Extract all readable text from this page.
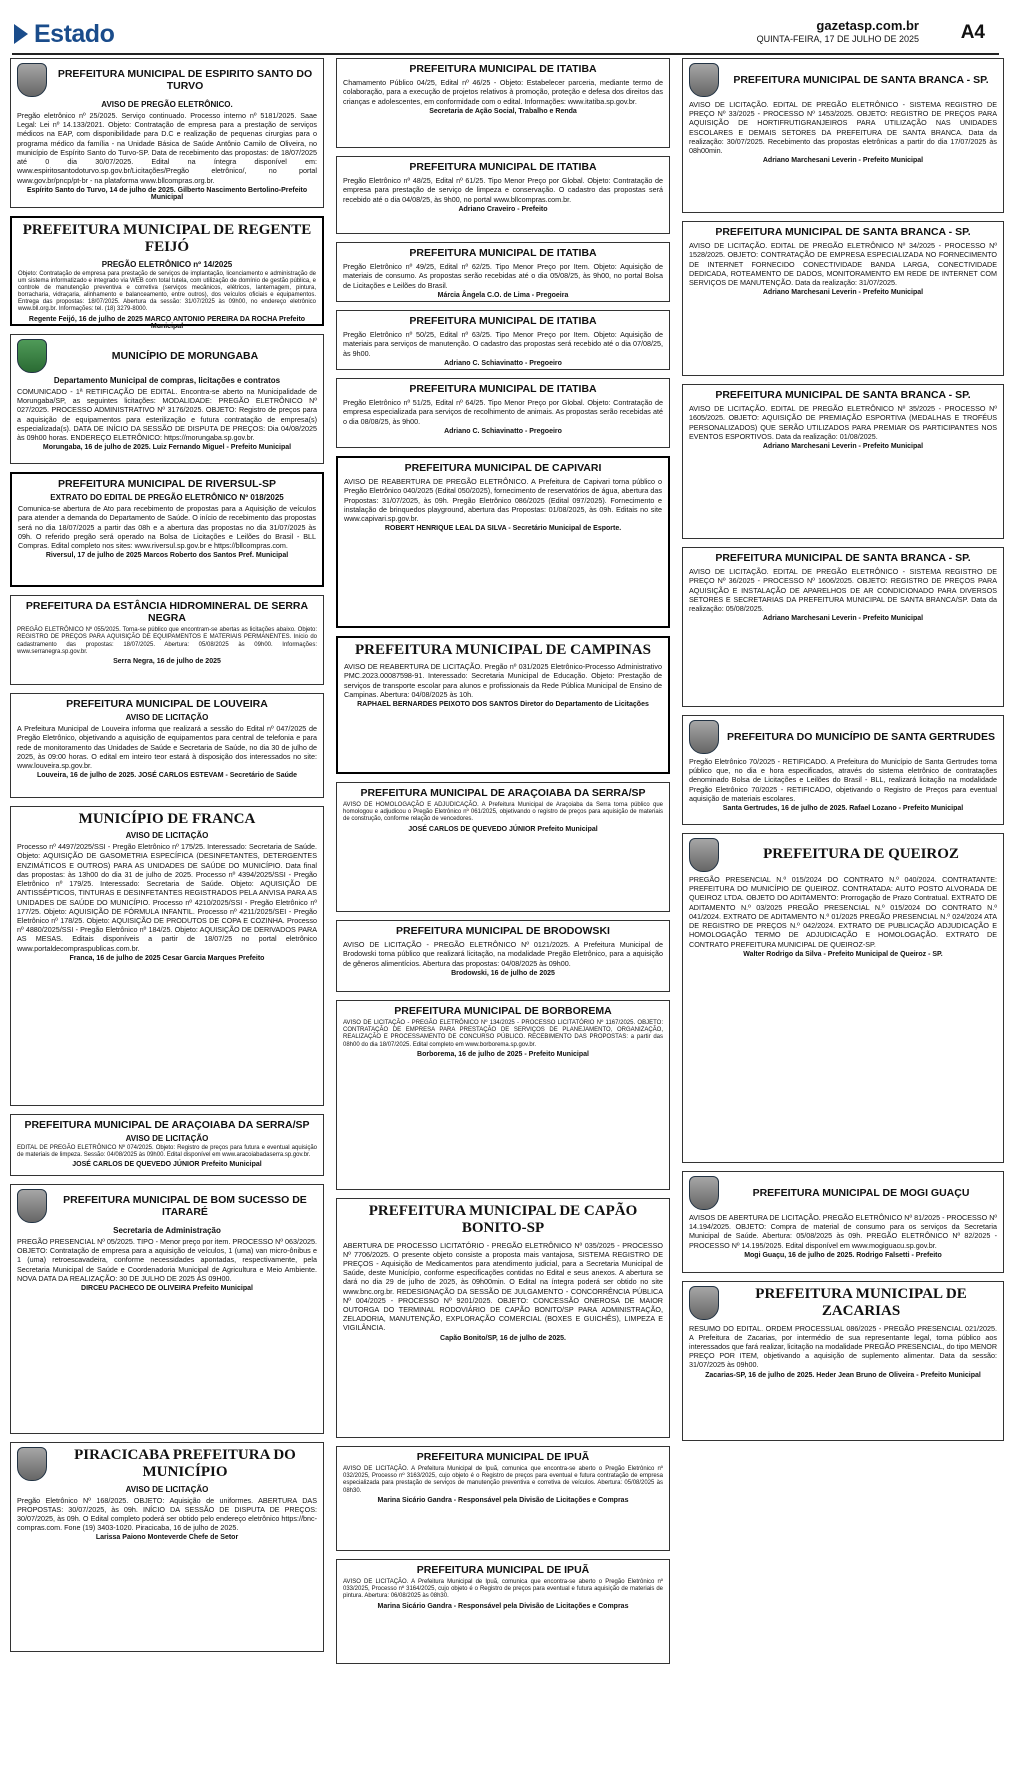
Estado	gazetasp.com.br
QUINTA-FEIRA, 17 DE JULHO DE 2025 A4
PREFEITURA MUNICIPAL DE ESPIRITO SANTO DO TURVO
AVISO DE PREGÃO ELETRÔNICO.
Pregão eletrônico nº 25/2025. Serviço continuado. Processo interno nº 5181/2025. Saae Legal: Lei nº 14.133/2021. Objeto: Contratação de empresa para a prestação de serviços médicos na EAP, com disponibilidade para D.C e realização de pequenas cirurgias para o programa médico da família - na Unidade Básica de Saúde Antônio Camilo de Oliveira, no município de Espírito Santo do Turvo-SP. Data de recebimento das propostas: de 18/07/2025 até 0 dia 30/07/2025. Edital na íntegra disponível em: www.espiritosantodoturvo.sp.gov.br/Licitações/Pregão eletrônico/, no portal www.gov.br/pncp/pt-br - na plataforma www.bllcompras.org.br.
Espírito Santo do Turvo, 14 de julho de 2025. Gilberto Nascimento Bertolino-Prefeito Municipal
PREFEITURA MUNICIPAL DE REGENTE FEIJÓ
PREGÃO ELETRÔNICO nº 14/2025
Objeto: Contratação de empresa para prestação de serviços de implantação, licenciamento e administração de um sistema informatizado e integrado via WEB com total tutela, com utilização de domínio de gestão pública, e controle de manutenção preventiva e corretiva (serviços mecânicos, elétricos, lanternagem, pintura, borracharia, vidraçaria, alinhamento e balanceamento, entre outros), dos veículos oficiais e equipamentos. Entrega das propostas: 18/07/2025. Abertura da sessão: 31/07/2025 às 09h00, no endereço eletrônico www.bll.org.br. Informações: tel. (18) 3279-8000.
Regente Feijó, 16 de julho de 2025 MARCO ANTONIO PEREIRA DA ROCHA Prefeito Municipal
MUNICÍPIO DE MORUNGABA
Departamento Municipal de compras, licitações e contratos
COMUNICADO - 1ª RETIFICAÇÃO DE EDITAL. Encontra-se aberto na Municipalidade de Morungaba/SP, as seguintes licitações: MODALIDADE: PREGÃO ELETRÔNICO Nº 027/2025. PROCESSO ADMINISTRATIVO Nº 3176/2025. OBJETO: Registro de preços para a aquisição de equipamentos para esterilização e futura contratação de empresa(s) especializada(s). DATA DE INÍCIO DA SESSÃO DE DISPUTA DE PREÇOS: Dia 04/08/2025 às 09h00 horas. ENDEREÇO ELETRÔNICO: https://morungaba.sp.gov.br.
Morungaba, 16 de julho de 2025. Luiz Fernando Miguel - Prefeito Municipal
PREFEITURA MUNICIPAL DE RIVERSUL-SP
EXTRATO DO EDITAL DE PREGÃO ELETRÔNICO Nº 018/2025
Comunica-se abertura de Ato para recebimento de propostas para a Aquisição de veículos para atender a demanda do Departamento de Saúde. O início de recebimento das propostas será no dia 18/07/2025 a partir das 08h e a abertura das propostas no dia 31/07/2025 às 09h. O referido pregão será operado na Bolsa de Licitações e Leilões do Brasil - BLL Compras. Edital completo nos sites: www.riversul.sp.gov.br e https://bllcompras.com.
Riversul, 17 de julho de 2025 Marcos Roberto dos Santos Pref. Municipal
PREFEITURA DA ESTÂNCIA HIDROMINERAL DE SERRA NEGRA
PREGÃO ELETRÔNICO Nº 055/2025. Torna-se público que encontram-se abertas as licitações abaixo. Objeto: REGISTRO DE PREÇOS PARA AQUISIÇÃO DE EQUIPAMENTOS E MATERIAIS PERMANENTES. Início do cadastramento das propostas: 18/07/2025. Abertura: 05/08/2025 às 09h00. Informações: www.serranegra.sp.gov.br.
Serra Negra, 16 de julho de 2025
PREFEITURA MUNICIPAL DE LOUVEIRA
AVISO DE LICITAÇÃO
A Prefeitura Municipal de Louveira informa que realizará a sessão do Edital nº 047/2025 de Pregão Eletrônico, objetivando a aquisição de equipamentos para central de telefonia e para rede de monitoramento das Unidades de Saúde e Secretaria de Saúde, no dia 30 de julho de 2025, às 09:00 horas. O edital em inteiro teor estará à disposição dos interessados no site: www.louveira.sp.gov.br.
Louveira, 16 de julho de 2025. JOSÉ CARLOS ESTEVAM - Secretário de Saúde
MUNICÍPIO DE FRANCA
AVISO DE LICITAÇÃO
Processo nº 4497/2025/SSI - Pregão Eletrônico nº 175/25. Interessado: Secretaria de Saúde. Objeto: AQUISIÇÃO DE GASOMETRIA ESPECÍFICA (DESINFETANTES, DETERGENTES ENZIMÁTICOS E OUTROS) PARA AS UNIDADES DE SAÚDE DO MUNICÍPIO. Data final das propostas: às 13h00 do dia 31 de julho de 2025. Processo nº 4394/2025/SSI - Pregão Eletrônico nº 179/25. Interessado: Secretaria de Saúde. Objeto: AQUISIÇÃO DE ANTISSÉPTICOS, TINTURAS E DESINFETANTES REGISTRADOS PELA ANVISA PARA AS UNIDADES DE SAÚDE DO MUNICÍPIO. Processo nº 4210/2025/SSI - Pregão Eletrônico nº 177/25. Objeto: AQUISIÇÃO DE FÓRMULA INFANTIL. Processo nº 4211/2025/SEI - Pregão Eletrônico nº 178/25. Objeto: AQUISIÇÃO DE PRODUTOS DE COPA E COZINHA. Processo nº 4880/2025/SSI - Pregão Eletrônico nº 184/25. Objeto: AQUISIÇÃO DE DERIVADOS PARA AS MESAS. Editais disponíveis a partir de 18/07/25 no portal eletrônico www.portaldecompraspublicas.com.br.
Franca, 16 de julho de 2025 Cesar Garcia Marques Prefeito
PREFEITURA MUNICIPAL DE ARAÇOIABA DA SERRA/SP
AVISO DE LICITAÇÃO
EDITAL DE PREGÃO ELETRÔNICO Nº 074/2025. Objeto: Registro de preços para futura e eventual aquisição de materiais de limpeza. Sessão: 04/08/2025 às 09h00. Edital disponível em www.aracoiabadaserra.sp.gov.br.
JOSÉ CARLOS DE QUEVEDO JÚNIOR Prefeito Municipal
PREFEITURA MUNICIPAL DE BOM SUCESSO DE ITARARÉ
Secretaria de Administração
PREGÃO PRESENCIAL Nº 05/2025. TIPO - Menor preço por item. PROCESSO Nº 063/2025. OBJETO: Contratação de empresa para a aquisição de veículos, 1 (uma) van micro-ônibus e 1 (uma) retroescavadeira, conforme necessidades apontadas, respectivamente, pela Secretaria Municipal de Saúde e Coordenadoria Municipal de Agricultura e Meio Ambiente. NOVA DATA DA REALIZAÇÃO: 30 DE JULHO DE 2025 ÀS 09H00.
DIRCEU PACHECO DE OLIVEIRA Prefeito Municipal
PIRACICABA PREFEITURA DO MUNICÍPIO
AVISO DE LICITAÇÃO
Pregão Eletrônico Nº 168/2025. OBJETO: Aquisição de uniformes. ABERTURA DAS PROPOSTAS: 30/07/2025, às 09h. INÍCIO DA SESSÃO DE DISPUTA DE PREÇOS: 30/07/2025, às 09h. O Edital completo poderá ser obtido pelo endereço eletrônico https://bnc-compras.com. Fone (19) 3403-1020. Piracicaba, 16 de julho de 2025.
Larissa Paiono Monteverde Chefe de Setor
PREFEITURA MUNICIPAL DE ITATIBA
Chamamento Público 04/25, Edital nº 46/25 - Objeto: Estabelecer parceria, mediante termo de colaboração, para a execução de projetos relativos à promoção, proteção e defesa dos direitos das crianças e adolescentes, em conformidade com o edital. Informações: www.itatiba.sp.gov.br.
Secretaria de Ação Social, Trabalho e Renda
PREFEITURA MUNICIPAL DE ITATIBA
Pregão Eletrônico nº 48/25, Edital nº 61/25. Tipo Menor Preço por Global. Objeto: Contratação de empresa para prestação de serviço de limpeza e conservação. O cadastro das propostas será recebido até o dia 04/08/25, às 9h00, no portal www.bllcompras.com.br.
Adriano Craveiro - Prefeito
PREFEITURA MUNICIPAL DE ITATIBA
Pregão Eletrônico nº 49/25, Edital nº 62/25. Tipo Menor Preço por Item. Objeto: Aquisição de materiais de consumo. As propostas serão recebidas até o dia 05/08/25, às 9h00, no portal Bolsa de Licitações e Leilões do Brasil.
Márcia Ângela C.O. de Lima - Pregoeira
PREFEITURA MUNICIPAL DE ITATIBA
Pregão Eletrônico nº 50/25, Edital nº 63/25. Tipo Menor Preço por Item. Objeto: Aquisição de materiais para serviços de manutenção. O cadastro das propostas será recebido até o dia 07/08/25, às 9h00.
Adriano C. Schiavinatto - Pregoeiro
PREFEITURA MUNICIPAL DE ITATIBA
Pregão Eletrônico nº 51/25, Edital nº 64/25. Tipo Menor Preço por Global. Objeto: Contratação de empresa especializada para serviços de recolhimento de animais. As propostas serão recebidas até o dia 08/08/25, às 9h00.
Adriano C. Schiavinatto - Pregoeiro
PREFEITURA MUNICIPAL DE CAPIVARI
AVISO DE REABERTURA DE PREGÃO ELETRÔNICO. A Prefeitura de Capivari torna público o Pregão Eletrônico 040/2025 (Edital 050/2025), fornecimento de reservatórios de água, abertura das Propostas: 31/07/2025, às 09h. Pregão Eletrônico 086/2025 (Edital 097/2025). Fornecimento e instalação de brinquedos playground, abertura das Propostas: 01/08/2025, às 09h. Editais no site www.capivari.sp.gov.br.
ROBERT HENRIQUE LEAL DA SILVA - Secretário Municipal de Esporte.
PREFEITURA MUNICIPAL DE CAMPINAS
AVISO DE REABERTURA DE LICITAÇÃO. Pregão nº 031/2025 Eletrônico-Processo Administrativo PMC.2023.00087598-91. Interessado: Secretaria Municipal de Educação. Objeto: Prestação de serviços de transporte escolar para alunos e profissionais da Rede Pública Municipal de Ensino de Campinas. Abertura: 04/08/2025 às 10h.
RAPHAEL BERNARDES PEIXOTO DOS SANTOS Diretor do Departamento de Licitações
PREFEITURA MUNICIPAL DE ARAÇOIABA DA SERRA/SP
AVISO DE HOMOLOGAÇÃO E ADJUDICAÇÃO. A Prefeitura Municipal de Araçoiaba da Serra torna público que homologou e adjudicou o Pregão Eletrônico nº 061/2025, objetivando o registro de preços para aquisição de materiais de construção, conforme relação de vencedores.
JOSÉ CARLOS DE QUEVEDO JÚNIOR Prefeito Municipal
PREFEITURA MUNICIPAL DE BRODOWSKI
AVISO DE LICITAÇÃO - PREGÃO ELETRÔNICO Nº 0121/2025. A Prefeitura Municipal de Brodowski torna público que realizará licitação, na modalidade Pregão Eletrônico, para a aquisição de gêneros alimentícios. Abertura das propostas: 04/08/2025 às 09h00.
Brodowski, 16 de julho de 2025
PREFEITURA MUNICIPAL DE BORBOREMA
AVISO DE LICITAÇÃO - PREGÃO ELETRÔNICO Nº 134/2025 - PROCESSO LICITATÓRIO Nº 1167/2025. OBJETO: CONTRATAÇÃO DE EMPRESA PARA PRESTAÇÃO DE SERVIÇOS DE PLANEJAMENTO, ORGANIZAÇÃO, REALIZAÇÃO E PROCESSAMENTO DE CONCURSO PÚBLICO. RECEBIMENTO DAS PROPOSTAS: a partir das 08h00 do dia 18/07/2025. Edital completo em www.borborema.sp.gov.br.
Borborema, 16 de julho de 2025 - Prefeito Municipal
PREFEITURA MUNICIPAL DE CAPÃO BONITO-SP
ABERTURA DE PROCESSO LICITATÓRIO - PREGÃO ELETRÔNICO Nº 035/2025 - PROCESSO Nº 7706/2025. O presente objeto consiste a proposta mais vantajosa, SISTEMA REGISTRO DE PREÇOS - Aquisição de Medicamentos para atendimento judicial, para a Secretaria Municipal de Saúde, deste Município, conforme especificações contidas no Edital e seus anexos. A abertura se dará no dia 29 de julho de 2025, às 09h00min. O Edital na íntegra poderá ser obtido no site www.bnc.org.br. REDESIGNAÇÃO DA SESSÃO DE JULGAMENTO - CONCORRÊNCIA PÚBLICA Nº 004/2025 - PROCESSO Nº 9201/2025. OBJETO: CONCESSÃO ONEROSA DE MAIOR OUTORGA DO TERMINAL RODOVIÁRIO DE CAPÃO BONITO/SP PARA ADMINISTRAÇÃO, ZELADORIA, MANUTENÇÃO, EXPLORAÇÃO COMERCIAL (BOXES E GUICHÊS), LIMPEZA E VIGILÂNCIA.
Capão Bonito/SP, 16 de julho de 2025.
PREFEITURA MUNICIPAL DE IPUÃ
AVISO DE LICITAÇÃO. A Prefeitura Municipal de Ipuã, comunica que encontra-se aberto o Pregão Eletrônico nº 032/2025, Processo nº 3163/2025, cujo objeto é o Registro de preços para eventual e futura contratação de empresa especializada para prestação de serviços de manutenção preventiva e corretiva de veículos. Abertura: 05/08/2025 às 08h30.
Marina Sicário Gandra - Responsável pela Divisão de Licitações e Compras
PREFEITURA MUNICIPAL DE IPUÃ
AVISO DE LICITAÇÃO. A Prefeitura Municipal de Ipuã, comunica que encontra-se aberto o Pregão Eletrônico nº 033/2025, Processo nº 3164/2025, cujo objeto é o Registro de preços para eventual e futura aquisição de materiais de pintura. Abertura: 06/08/2025 às 08h30.
Marina Sicário Gandra - Responsável pela Divisão de Licitações e Compras
PREFEITURA MUNICIPAL DE SANTA BRANCA - SP.
AVISO DE LICITAÇÃO. EDITAL DE PREGÃO ELETRÔNICO - SISTEMA REGISTRO DE PREÇO Nº 33/2025 - PROCESSO Nº 1453/2025. OBJETO: REGISTRO DE PREÇOS PARA AQUISIÇÃO DE HORTIFRUTIGRANJEIROS PARA UTILIZAÇÃO NAS UNIDADES ESCOLARES E DEMAIS SETORES DA PREFEITURA DE SANTA BRANCA. Data da realização: 30/07/2025. Recebimento das propostas eletrônicas a partir do dia 17/07/2025 às 08h00min.
Adriano Marchesani Leverin - Prefeito Municipal
PREFEITURA MUNICIPAL DE SANTA BRANCA - SP.
AVISO DE LICITAÇÃO. EDITAL DE PREGÃO ELETRÔNICO Nº 34/2025 - PROCESSO Nº 1528/2025. OBJETO: CONTRATAÇÃO DE EMPRESA ESPECIALIZADA NO FORNECIMENTO DE INTERNET FORNECIDO CONECTIVIDADE BANDA LARGA, CONECTIVIDADE DEDICADA, ROTEAMENTO DE DADOS, MONITORAMENTO EM REDE DE INTERNET COM SERVIÇOS DE MANUTENÇÃO. Data da realização: 31/07/2025.
Adriano Marchesani Leverin - Prefeito Municipal
PREFEITURA MUNICIPAL DE SANTA BRANCA - SP.
AVISO DE LICITAÇÃO. EDITAL DE PREGÃO ELETRÔNICO Nº 35/2025 - PROCESSO Nº 1605/2025. OBJETO: AQUISIÇÃO DE PREMIAÇÃO ESPORTIVA (MEDALHAS E TROFÉUS PERSONALIZADOS) QUE SERÃO UTILIZADOS PARA PREMIAR OS PARTICIPANTES NOS EVENTOS ESPORTIVOS. Data da realização: 01/08/2025.
Adriano Marchesani Leverin - Prefeito Municipal
PREFEITURA MUNICIPAL DE SANTA BRANCA - SP.
AVISO DE LICITAÇÃO. EDITAL DE PREGÃO ELETRÔNICO - SISTEMA REGISTRO DE PREÇO Nº 36/2025 - PROCESSO Nº 1606/2025. OBJETO: REGISTRO DE PREÇOS PARA AQUISIÇÃO E INSTALAÇÃO DE APARELHOS DE AR CONDICIONADO PARA DIVERSOS SETORES E SECRETARIAS DA PREFEITURA MUNICIPAL DE SANTA BRANCA/SP. Data da realização: 05/08/2025.
Adriano Marchesani Leverin - Prefeito Municipal
PREFEITURA DO MUNICÍPIO DE SANTA GERTRUDES
Pregão Eletrônico 70/2025 - RETIFICADO. A Prefeitura do Município de Santa Gertrudes torna público que, no dia e hora especificados, através do sistema eletrônico de contratações denominado Bolsa de Licitações e Leilões do Brasil - BLL, realizará licitação na modalidade Pregão Eletrônico 70/2025 - RETIFICADO, objetivando o Registro de Preços para eventual aquisição de materiais escolares.
Santa Gertrudes, 16 de julho de 2025. Rafael Lozano - Prefeito Municipal
PREFEITURA DE QUEIROZ
PREGÃO PRESENCIAL N.º 015/2024 DO CONTRATO N.º 040/2024. CONTRATANTE: PREFEITURA DO MUNICÍPIO DE QUEIROZ. CONTRATADA: AUTO POSTO ALVORADA DE QUEIROZ LTDA. OBJETO DO ADITAMENTO: Prorrogação de Prazo Contratual. EXTRATO DE ADITAMENTO N.º 03/2025 PREGÃO PRESENCIAL N.º 015/2024 DO CONTRATO N.º 041/2024. EXTRATO DE ADITAMENTO N.º 01/2025 PREGÃO PRESENCIAL N.º 024/2024 ATA DE REGISTRO DE PREÇOS N.º 042/2024. EXTRATO DE PUBLICAÇÃO ADJUDICAÇÃO E HOMOLOGAÇÃO TERMO DE ADJUDICAÇÃO E HOMOLOGAÇÃO. EXTRATO DE CONTRATO PREFEITURA MUNICIPAL DE QUEIROZ-SP.
Walter Rodrigo da Silva - Prefeito Municipal de Queiroz - SP.
PREFEITURA MUNICIPAL DE MOGI GUAÇU
AVISOS DE ABERTURA DE LICITAÇÃO. PREGÃO ELETRÔNICO Nº 81/2025 - PROCESSO Nº 14.194/2025. OBJETO: Compra de material de consumo para os serviços da Secretaria Municipal de Saúde. Abertura: 05/08/2025 às 09h. PREGÃO ELETRÔNICO Nº 82/2025 - PROCESSO Nº 14.195/2025. Edital disponível em www.mogiguacu.sp.gov.br.
Mogi Guaçu, 16 de julho de 2025. Rodrigo Falsetti - Prefeito
PREFEITURA MUNICIPAL DE ZACARIAS
RESUMO DO EDITAL. ORDEM PROCESSUAL 086/2025 - PREGÃO PRESENCIAL 021/2025. A Prefeitura de Zacarias, por intermédio de sua representante legal, torna público aos interessados que fará realizar, licitação na modalidade PREGÃO PRESENCIAL, do tipo MENOR PREÇO POR ITEM, objetivando a aquisição de suplemento alimentar. Data da sessão: 31/07/2025 às 09h00.
Zacarias-SP, 16 de julho de 2025. Heder Jean Bruno de Oliveira - Prefeito Municipal
